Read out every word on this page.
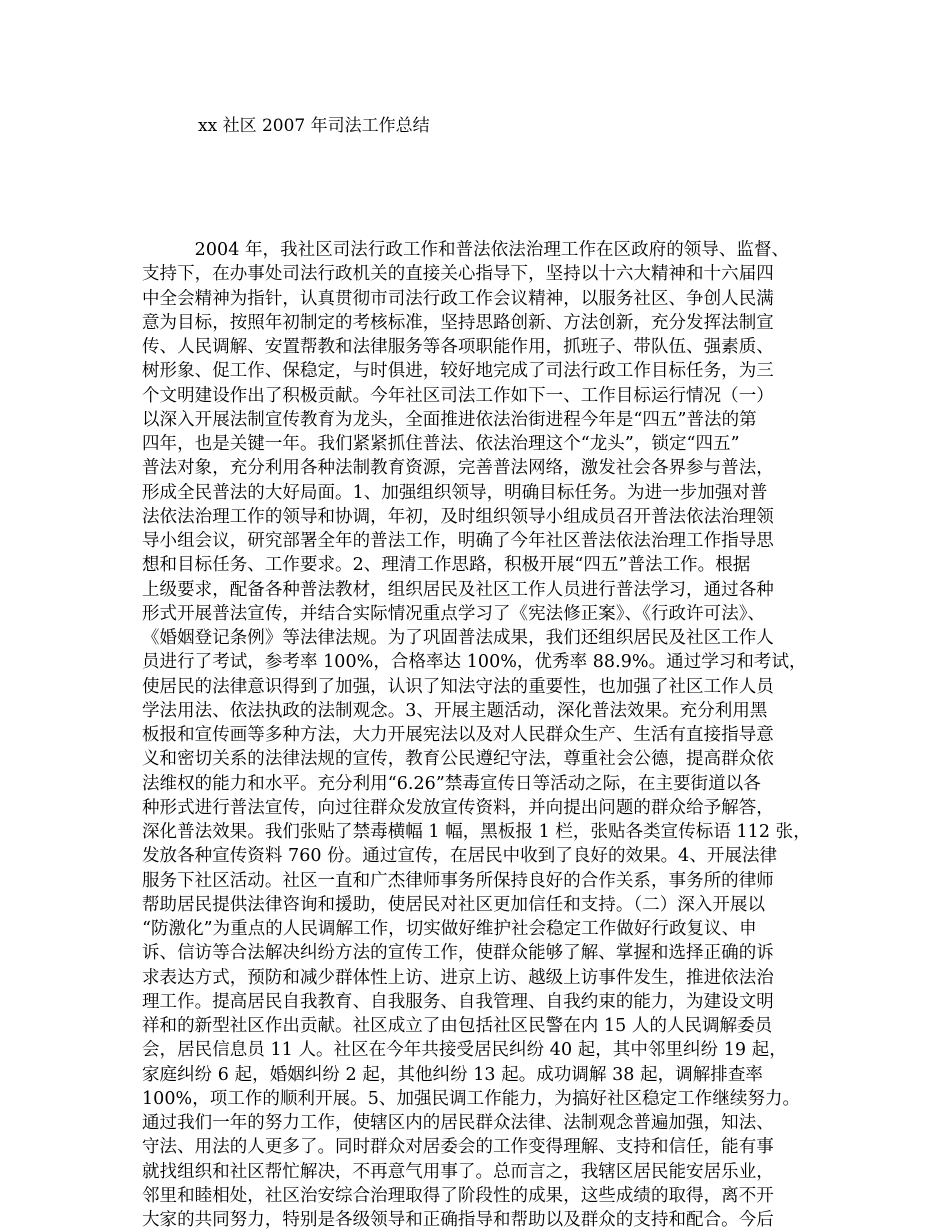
xx 社区 2007 年司法工作总结
　　　2004 年，我社区司法行政工作和普法依法治理工作在区政府的领导、监督、
支持下，在办事处司法行政机关的直接关心指导下，坚持以十六大精神和十六届四
中全会精神为指针，认真贯彻市司法行政工作会议精神，以服务社区、争创人民满
意为目标，按照年初制定的考核标准，坚持思路创新、方法创新，充分发挥法制宣
传、人民调解、安置帮教和法律服务等各项职能作用，抓班子、带队伍、强素质、
树形象、促工作、保稳定，与时俱进，较好地完成了司法行政工作目标任务，为三
个文明建设作出了积极贡献。今年社区司法工作如下一、工作目标运行情况（一）
以深入开展法制宣传教育为龙头，全面推进依法治街进程今年是“四五”普法的第
四年，也是关键一年。我们紧紧抓住普法、依法治理这个“龙头”，锁定“四五”
普法对象，充分利用各种法制教育资源，完善普法网络，激发社会各界参与普法，
形成全民普法的大好局面。1、加强组织领导，明确目标任务。为进一步加强对普
法依法治理工作的领导和协调，年初，及时组织领导小组成员召开普法依法治理领
导小组会议，研究部署全年的普法工作，明确了今年社区普法依法治理工作指导思
想和目标任务、工作要求。2、理清工作思路，积极开展“四五”普法工作。根据
上级要求，配备各种普法教材，组织居民及社区工作人员进行普法学习，通过各种
形式开展普法宣传，并结合实际情况重点学习了《宪法修正案》、《行政许可法》、
《婚姻登记条例》等法律法规。为了巩固普法成果，我们还组织居民及社区工作人
员进行了考试，参考率 100%，合格率达 100%，优秀率 88.9%。通过学习和考试，
使居民的法律意识得到了加强，认识了知法守法的重要性，也加强了社区工作人员
学法用法、依法执政的法制观念。3、开展主题活动，深化普法效果。充分利用黑
板报和宣传画等多种方法，大力开展宪法以及对人民群众生产、生活有直接指导意
义和密切关系的法律法规的宣传，教育公民遵纪守法，尊重社会公德，提高群众依
法维权的能力和水平。充分利用“6.26”禁毒宣传日等活动之际，在主要街道以各
种形式进行普法宣传，向过往群众发放宣传资料，并向提出问题的群众给予解答，
深化普法效果。我们张贴了禁毒横幅 1 幅，黑板报 1 栏，张贴各类宣传标语 112 张，
发放各种宣传资料 760 份。通过宣传，在居民中收到了良好的效果。4、开展法律
服务下社区活动。社区一直和广杰律师事务所保持良好的合作关系，事务所的律师
帮助居民提供法律咨询和援助，使居民对社区更加信任和支持。（二）深入开展以
“防激化”为重点的人民调解工作，切实做好维护社会稳定工作做好行政复议、申
诉、信访等合法解决纠纷方法的宣传工作，使群众能够了解、掌握和选择正确的诉
求表达方式，预防和减少群体性上访、进京上访、越级上访事件发生，推进依法治
理工作。提高居民自我教育、自我服务、自我管理、自我约束的能力，为建设文明
祥和的新型社区作出贡献。社区成立了由包括社区民警在内 15 人的人民调解委员
会，居民信息员 11 人。社区在今年共接受居民纠纷 40 起，其中邻里纠纷 19 起，
家庭纠纷 6 起，婚姻纠纷 2 起，其他纠纷 13 起。成功调解 38 起，调解排查率
100%，项工作的顺利开展。5、加强民调工作能力，为搞好社区稳定工作继续努力。
通过我们一年的努力工作，使辖区内的居民群众法律、法制观念普遍加强，知法、
守法、用法的人更多了。同时群众对居委会的工作变得理解、支持和信任，能有事
就找组织和社区帮忙解决，不再意气用事了。总而言之，我辖区居民能安居乐业，
邻里和睦相处，社区治安综合治理取得了阶段性的成果，这些成绩的取得，离不开
大家的共同努力，特别是各级领导和正确指导和帮助以及群众的支持和配合。今后
